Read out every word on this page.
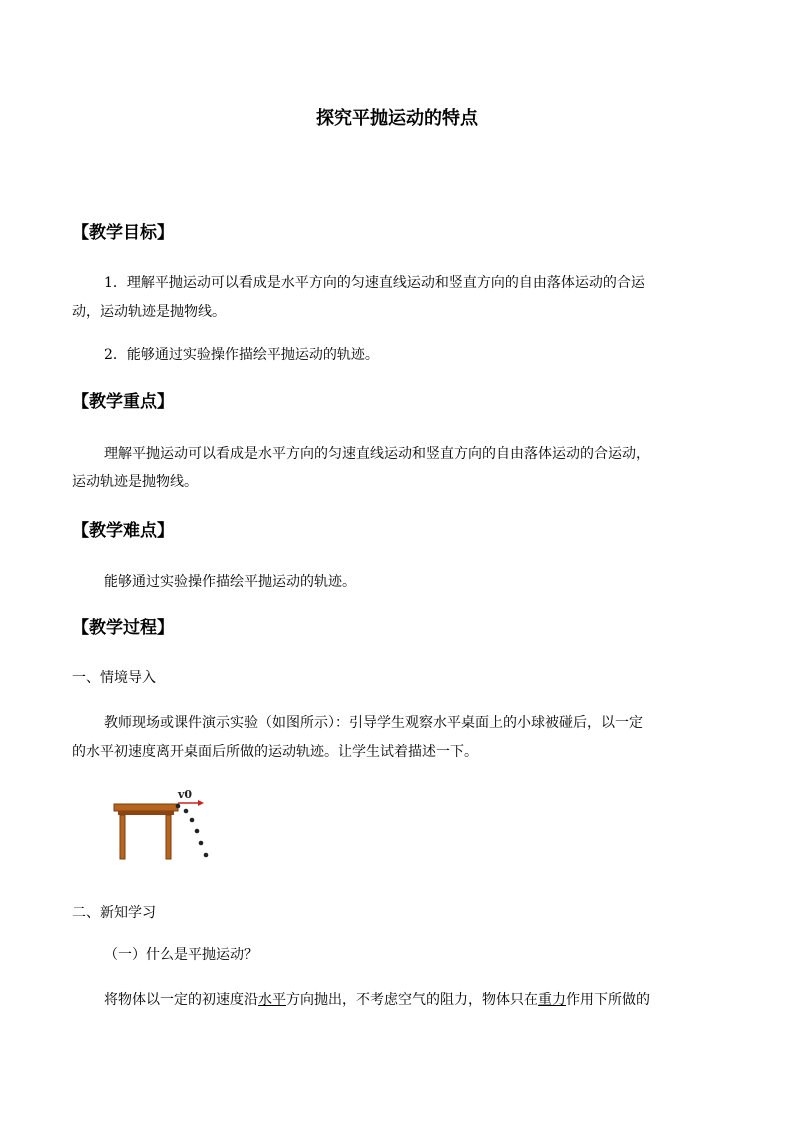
探究平抛运动的特点
【教学目标】
1．理解平抛运动可以看成是水平方向的匀速直线运动和竖直方向的自由落体运动的合运
动，运动轨迹是抛物线。
2．能够通过实验操作描绘平抛运动的轨迹。
【教学重点】
理解平抛运动可以看成是水平方向的匀速直线运动和竖直方向的自由落体运动的合运动，
运动轨迹是抛物线。
【教学难点】
能够通过实验操作描绘平抛运动的轨迹。
【教学过程】
一、情境导入
教师现场或课件演示实验（如图所示）：引导学生观察水平桌面上的小球被碰后，以一定
的水平初速度离开桌面后所做的运动轨迹。让学生试着描述一下。
v0
二、新知学习
（一）什么是平抛运动？
将物体以一定的初速度沿水平方向抛出，不考虑空气的阻力，物体只在重力作用下所做的
